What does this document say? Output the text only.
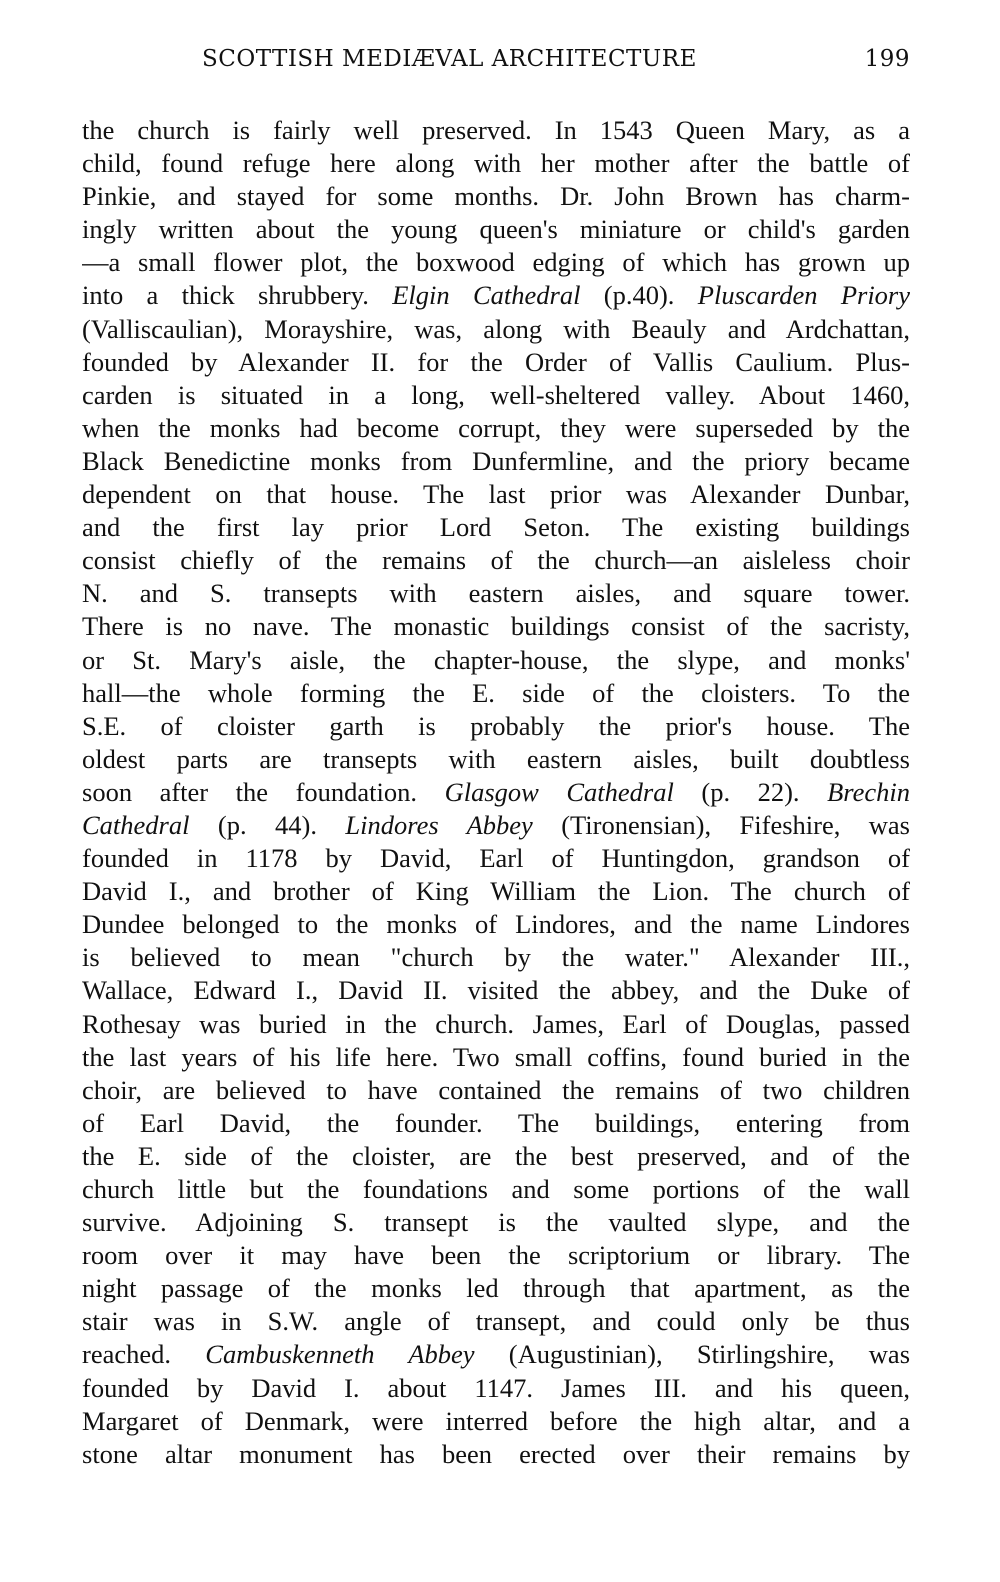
SCOTTISH MEDIÆVAL ARCHITECTURE	199
the church is fairly well preserved. In 1543 Queen Mary, as a
child, found refuge here along with her mother after the battle of
Pinkie, and stayed for some months. Dr. John Brown has charm-
ingly written about the young queen's miniature or child's garden
—a small flower plot, the boxwood edging of which has grown up
into a thick shrubbery. Elgin Cathedral (p.40). Pluscarden Priory
(Valliscaulian), Morayshire, was, along with Beauly and Ardchattan,
founded by Alexander II. for the Order of Vallis Caulium. Plus-
carden is situated in a long, well-sheltered valley. About 1460,
when the monks had become corrupt, they were superseded by the
Black Benedictine monks from Dunfermline, and the priory became
dependent on that house. The last prior was Alexander Dunbar,
and the first lay prior Lord Seton. The existing buildings
consist chiefly of the remains of the church—an aisleless choir
N. and S. transepts with eastern aisles, and square tower.
There is no nave. The monastic buildings consist of the sacristy,
or St. Mary's aisle, the chapter-house, the slype, and monks'
hall—the whole forming the E. side of the cloisters. To the
S.E. of cloister garth is probably the prior's house. The
oldest parts are transepts with eastern aisles, built doubtless
soon after the foundation. Glasgow Cathedral (p. 22). Brechin
Cathedral (p. 44). Lindores Abbey (Tironensian), Fifeshire, was
founded in 1178 by David, Earl of Huntingdon, grandson of
David I., and brother of King William the Lion. The church of
Dundee belonged to the monks of Lindores, and the name Lindores
is believed to mean "church by the water." Alexander III.,
Wallace, Edward I., David II. visited the abbey, and the Duke of
Rothesay was buried in the church. James, Earl of Douglas, passed
the last years of his life here. Two small coffins, found buried in the
choir, are believed to have contained the remains of two children
of Earl David, the founder. The buildings, entering from
the E. side of the cloister, are the best preserved, and of the
church little but the foundations and some portions of the wall
survive. Adjoining S. transept is the vaulted slype, and the
room over it may have been the scriptorium or library. The
night passage of the monks led through that apartment, as the
stair was in S.W. angle of transept, and could only be thus
reached. Cambuskenneth Abbey (Augustinian), Stirlingshire, was
founded by David I. about 1147. James III. and his queen,
Margaret of Denmark, were interred before the high altar, and a
stone altar monument has been erected over their remains by
